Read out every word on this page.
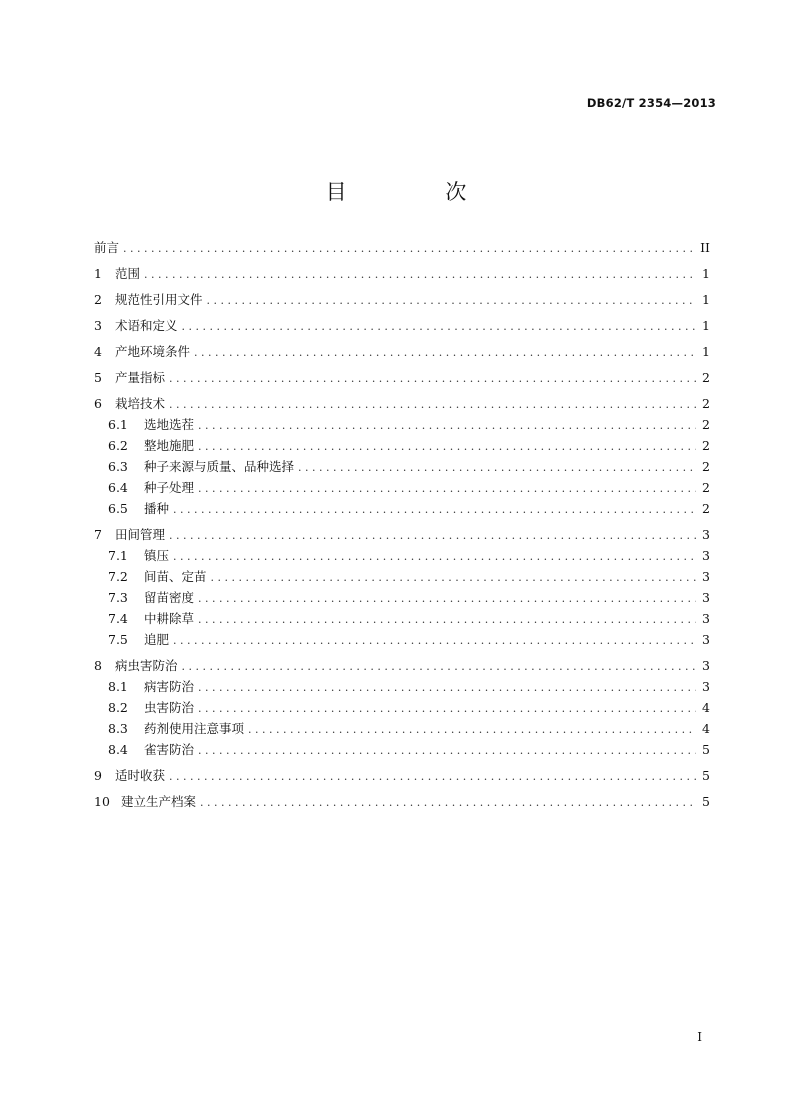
DB62/T 2354—2013
目 次
前言 . . .	II
1	范围 . . .	1
2	规范性引用文件 . . .	1
3	术语和定义 . . .	1
4	产地环境条件 . . .	1
5	产量指标 . . .	2
6	栽培技术 . . .	2
6.1	选地选茬 . . .	2
6.2	整地施肥 . . .	2
6.3	种子来源与质量、品种选择 . . .	2
6.4	种子处理 . . .	2
6.5	播种 . . .	2
7	田间管理 . . .	3
7.1	镇压 . . .	3
7.2	间苗、定苗 . . .	3
7.3	留苗密度 . . .	3
7.4	中耕除草 . . .	3
7.5	追肥 . . .	3
8	病虫害防治 . . .	3
8.1	病害防治 . . .	3
8.2	虫害防治 . . .	4
8.3	药剂使用注意事项 . . .	4
8.4	雀害防治 . . .	5
9	适时收获 . . .	5
10 建立生产档案 . . .	5
I
